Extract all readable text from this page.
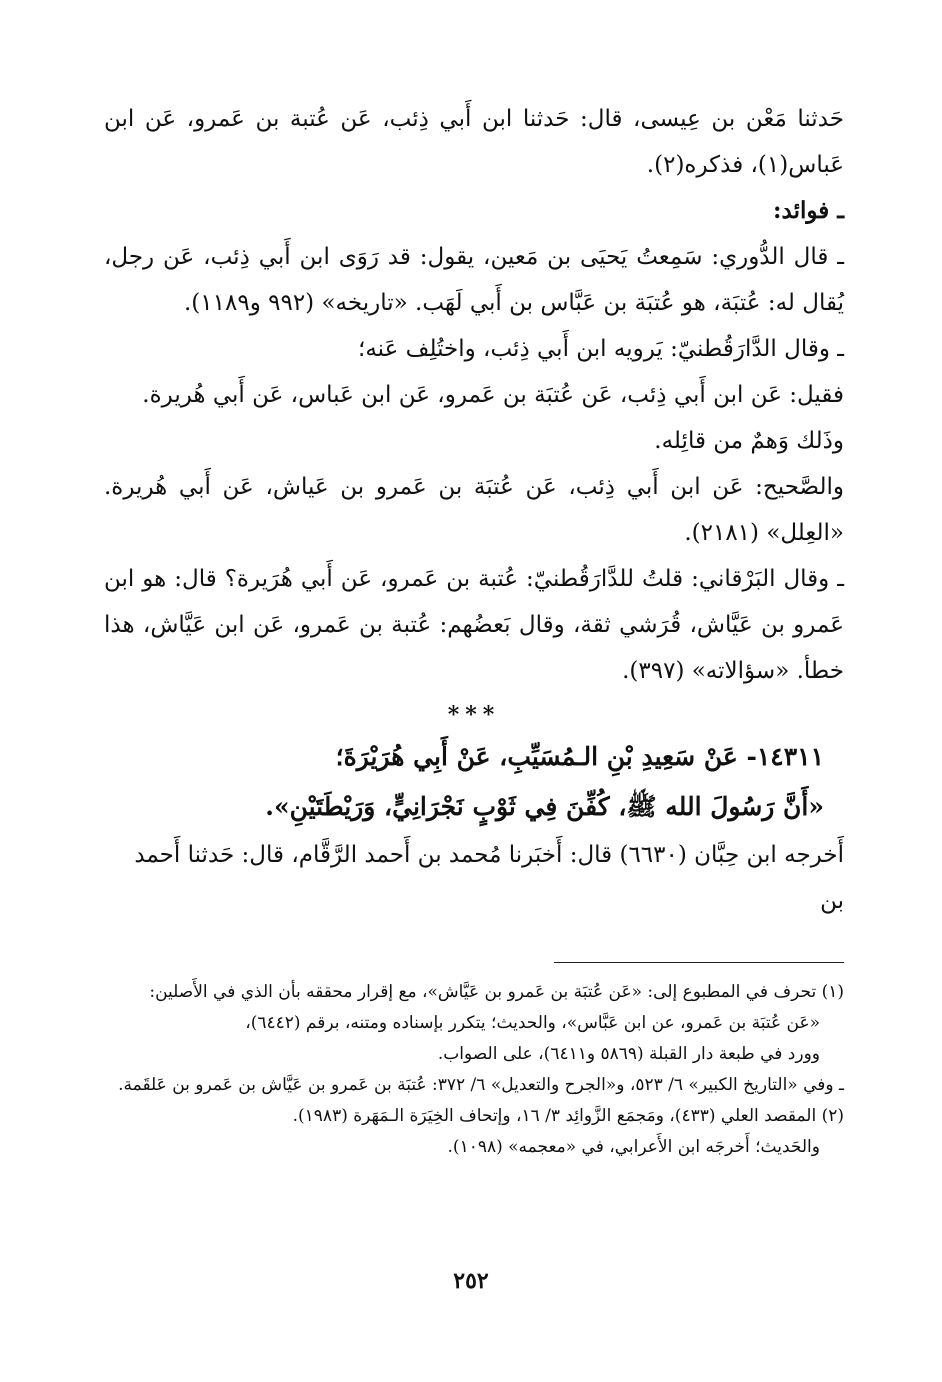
حَدثنا مَعْن بن عِيسى، قال: حَدثنا ابن أَبي ذِئب، عَن عُتبة بن عَمرو، عَن ابن عَباس(١)، فذكره(٢).

ـ فوائد:

ـ قال الدُّوري: سَمِعتُ يَحيَى بن مَعين، يقول: قد رَوَى ابن أَبي ذِئب، عَن رجل، يُقال له: عُتبَة، هو عُتبَة بن عَبَّاس بن أَبي لَهَب. «تاريخه» (٩٩٢ و١١٨٩).

ـ وقال الدَّارَقُطنيّ: يَرويه ابن أَبي ذِئب، واختُلِف عَنه؛

فقيل: عَن ابن أَبي ذِئب، عَن عُتبَة بن عَمرو، عَن ابن عَباس، عَن أَبي هُريرة.

وذَلك وَهمٌ من قائِله.

والصَّحيح: عَن ابن أَبي ذِئب، عَن عُتبَة بن عَمرو بن عَياش، عَن أَبي هُريرة. «العِلل» (٢١٨١).

ـ وقال البَرْقاني: قلتُ للدَّارَقُطنيّ: عُتبة بن عَمرو، عَن أَبي هُرَيرة؟ قال: هو ابن عَمرو بن عَيَّاش، قُرَشي ثقة، وقال بَعضُهم: عُتبة بن عَمرو، عَن ابن عَيَّاش، هذا خطأ. «سؤالاته» (٣٩٧).

***

١٤٣١١- عَنْ سَعِيدِ بْنِ الـمُسَيِّبِ، عَنْ أَبِي هُرَيْرَةَ؛

«أَنَّ رَسُولَ الله ﷺ، كُفِّنَ فِي ثَوْبٍ نَجْرَانِيٍّ، وَرَيْطَتَيْنِ».

أَخرجه ابن حِبَّان (٦٦٣٠) قال: أَخبَرنا مُحمد بن أَحمد الرَّقَّام، قال: حَدثنا أَحمد بن

(١) تحرف في المطبوع إلى: «عَن عُتبَة بن عَمرو بن عَيَّاش»، مع إقرار محققه بأن الذي في الأَصلين:

«عَن عُتبَة بن عَمرو، عن ابن عَبَّاس»، والحديث؛ يتكرر بإسناده ومتنه، برقم (٦٤٤٢)،

وورد في طبعة دار القبلة (٥٨٦٩ و٦٤١١)، على الصواب.

ـ وفي «التاريخ الكبير» ٦/ ٥٢٣، و«الجرح والتعديل» ٦/ ٣٧٢: عُتبَة بن عَمرو بن عَيَّاش بن عَمرو بن عَلقَمة.

(٢) المقصد العلي (٤٣٣)، ومَجمَع الزَّوائِد ٣/ ١٦، وإتحاف الخِيَرَة الـمَهَرة (١٩٨٣).

والحَديث؛ أَخرجَه ابن الأَعرابي، في «معجمه» (١٠٩٨).

٢٥٢
